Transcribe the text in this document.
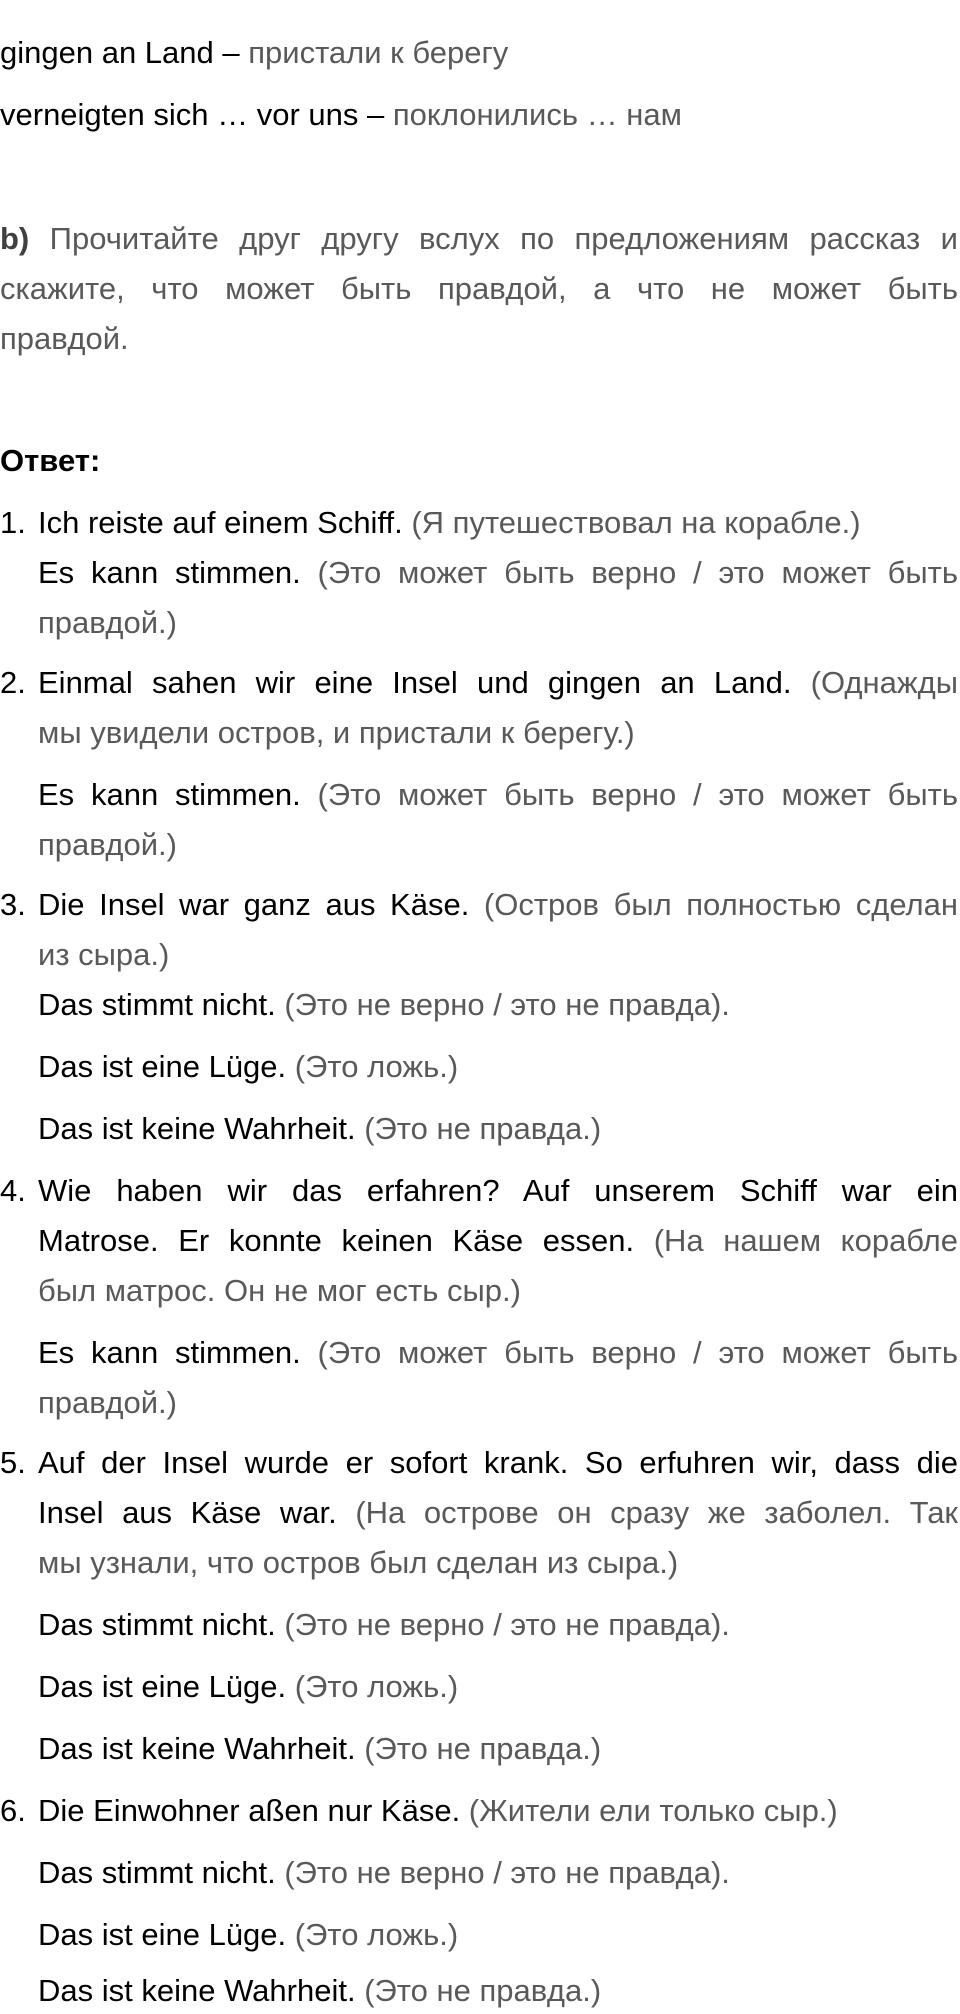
gingen an Land – пристали к берегу
verneigten sich … vor uns – поклонились … нам
b) Прочитайте друг другу вслух по предложениям рассказ и
скажите, что может быть правдой, а что не может быть
правдой.
Ответ:
1. Ich reiste auf einem Schiff. (Я путешествовал на корабле.)
Es kann stimmen. (Это может быть верно / это может быть
правдой.)
2. Einmal sahen wir eine Insel und gingen an Land. (Однажды
мы увидели остров, и пристали к берегу.)
Es kann stimmen. (Это может быть верно / это может быть
правдой.)
3. Die Insel war ganz aus Käse. (Остров был полностью сделан
из сыра.)
Das stimmt nicht. (Это не верно / это не правда).
Das ist eine Lüge. (Это ложь.)
Das ist keine Wahrheit. (Это не правда.)
4. Wie haben wir das erfahren? Auf unserem Schiff war ein
Matrose. Er konnte keinen Käse essen. (На нашем корабле
был матрос. Он не мог есть сыр.)
Es kann stimmen. (Это может быть верно / это может быть
правдой.)
5. Auf der Insel wurde er sofort krank. So erfuhren wir, dass die
Insel aus Käse war. (На острове он сразу же заболел. Так
мы узнали, что остров был сделан из сыра.)
Das stimmt nicht. (Это не верно / это не правда).
Das ist eine Lüge. (Это ложь.)
Das ist keine Wahrheit. (Это не правда.)
6. Die Einwohner aßen nur Käse. (Жители ели только сыр.)
Das stimmt nicht. (Это не верно / это не правда).
Das ist eine Lüge. (Это ложь.)
Das ist keine Wahrheit. (Это не правда.)
